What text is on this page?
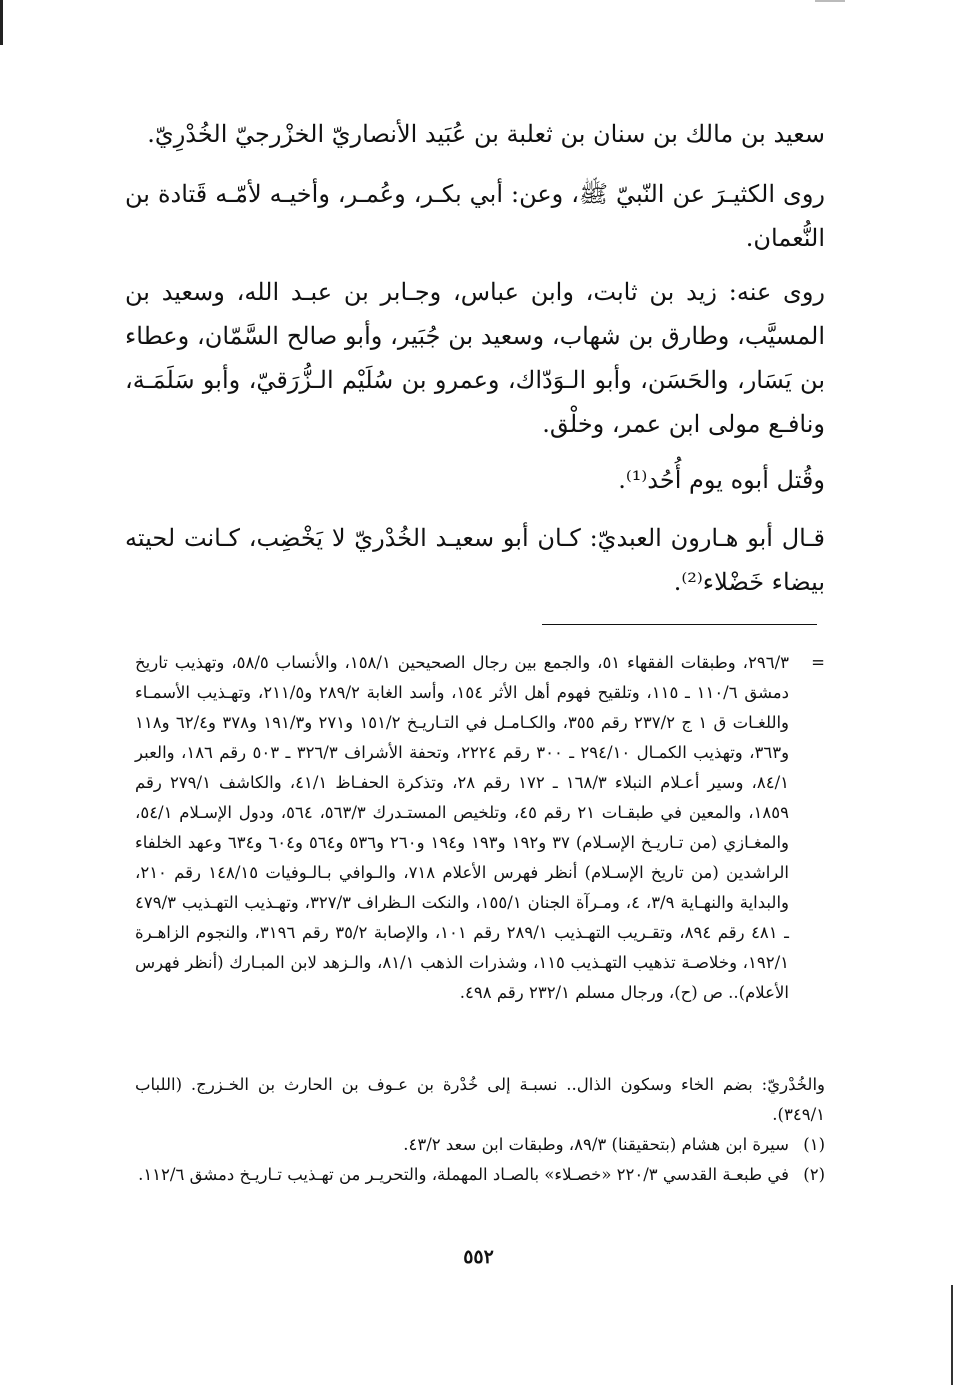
سعيد بن مالك بن سنان بن ثعلبة بن عُبَيد الأنصاريّ الخزْرجيّ الخُدْرِيّ.

روى الكثيـرَ عن النّبيّ ﷺ، وعن: أبي بكـر، وعُمـر، وأخيـه لأمّـه قَتادة بن النُّعمان.

روى عنه: زيد بن ثابت، وابن عباس، وجـابر بن عبـد الله، وسعيد بن المسيَّب، وطارق بن شهاب، وسعيد بن جُبَير، وأبو صالح السَّمّان، وعطاء بن يَسَار، والحَسَن، وأبو الـوَدّاك، وعمرو بن سُلَيْم الـزُّرَقيّ، وأبو سَلَمَـة، ونافـع مولى ابن عمر، وخلْق.

وقُتل أبوه يوم أُحُد⁽¹⁾.

قـال أبو هـارون العبديّ: كـان أبو سعيـد الخُدْريّ لا يَخْضِب، كـانت لحيته بيضاء خَضْلاء⁽²⁾.

=
٢٩٦/٣، وطبقات الفقهاء ٥١، والجمع بين رجال الصحيحين ١٥٨/١، والأنساب ٥٨/٥، وتهذيب تاريخ دمشق ١١٠/٦ ـ ١١٥، وتلقيح فهوم أهل الأثر ١٥٤، وأسد الغابة ٢٨٩/٢ و٢١١/٥، وتهـذيب الأسمـاء واللغـات ق ١ ج ٢٣٧/٢ رقم ٣٥٥، والكـامـل في التـاريـخ ١٥١/٢ و٢٧١ و١٩١/٣ و٣٧٨ و٦٢/٤ و١١٨ و٣٦٣، وتهذيب الكمـال ٢٩٤/١٠ ـ ٣٠٠ رقم ٢٢٢٤، وتحفة الأشراف ٣٢٦/٣ ـ ٥٠٣ رقم ١٨٦، والعبر ٨٤/١، وسير أعـلام النبلاء ١٦٨/٣ ـ ١٧٢ رقم ٢٨، وتذكرة الحفـاظ ٤١/١، والكاشف ٢٧٩/١ رقم ١٨٥٩، والمعين في طبقـات ٢١ رقم ٤٥، وتلخيص المستـدرك ٥٦٣/٣، ٥٦٤، ودول الإسـلام ٥٤/١، والمغـازي (من تـاريـخ الإسـلام) ٣٧ و١٩٢ و١٩٣ و١٩٤ و٢٦٠ و٥٣٦ و٥٦٤ و٦٠٤ و٦٣٤ وعهد الخلفاء الراشدين (من تاريخ الإسـلام) أنظر فهرس الأعلام ٧١٨، والـوافي بـالـوفيات ١٤٨/١٥ رقم ٢١٠، والبداية والنهـاية ٣/٩، ٤، ومـرآة الجنان ١٥٥/١، والنكت الـظراف ٣٢٧/٣، وتهـذيب التهـذيب ٤٧٩/٣ ـ ٤٨١ رقم ٨٩٤، وتقـريب التهـذيب ٢٨٩/١ رقم ١٠١، والإصابة ٣٥/٢ رقم ٣١٩٦، والنجوم الزاهـرة ١٩٢/١، وخلاصـة تذهيب التهـذيب ١١٥، وشذرات الذهب ٨١/١، والـزهد لابن المبـارك (أنظر فهرس الأعلام).. ص (ح)، ورجال مسلم ٢٣٢/١ رقم ٤٩٨.
والخُدْريّ: بضم الخاء وسكون الذال.. نسبـة إلى خُدْرة بن عـوف بن الحارث بن الخـزرج. (اللباب ٣٤٩/١).
(١)
سيرة ابن هشام (بتحقيقنا) ٨٩/٣، وطبقات ابن سعد ٤٣/٢.
(٢)
في طبعـة القدسي ٢٢٠/٣ «خصـلاء» بالصـاد المهملة، والتحريـر من تهـذيب تـاريـخ دمشق ١١٢/٦.
٥٥٢
